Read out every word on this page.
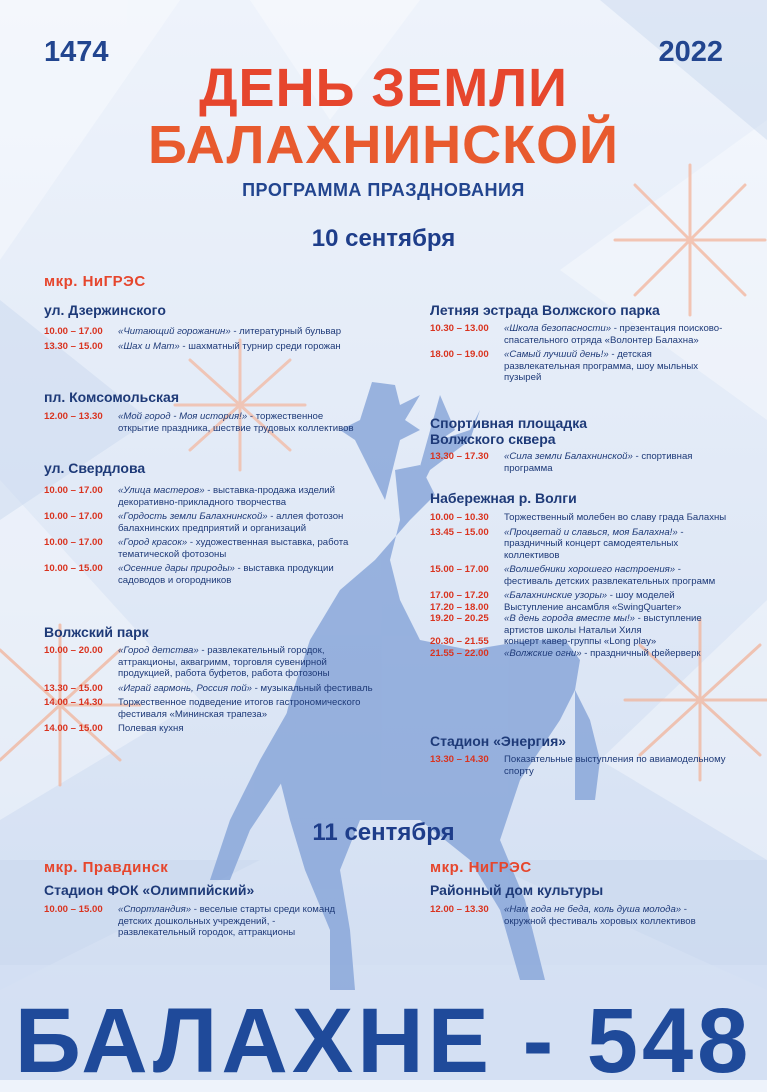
1474	2022
ДЕНЬ ЗЕМЛИ
БАЛАХНИНСКОЙ
ПРОГРАММА ПРАЗДНОВАНИЯ
10 сентября
мкр. НиГРЭС
ул. Дзержинского
10.00 – 17.00	«Читающий горожанин» - литературный бульвар
13.30 – 15.00	«Шах и Мат» - шахматный турнир среди горожан
пл. Комсомольская
12.00 – 13.30	«Мой город - Моя история!» - торжественное открытие праздника, шествие трудовых коллективов
ул. Свердлова
10.00 – 17.00	«Улица мастеров» - выставка-продажа изделий декоративно-прикладного творчества
10.00 – 17.00	«Гордость земли Балахнинской» - аллея фотозон балахнинских предприятий и организаций
10.00 – 17.00	«Город красок» - художественная выставка, работа тематической фотозоны
10.00 – 15.00	«Осенние дары природы» - выставка продукции садоводов и огородников
Волжский парк
10.00 – 20.00	«Город детства» - развлекательный городок, аттракционы, аквагримм, торговля сувенирной продукцией, работа буфетов, работа фотозоны
13.30 – 15.00	«Играй гармонь, Россия пой» - музыкальный фестиваль
14.00 – 14.30	Торжественное подведение итогов гастрономического фестиваля «Мининская трапеза»
14.00 – 15.00	Полевая кухня
Летняя эстрада Волжского парка
10.30 – 13.00	«Школа безопасности» - презентация поисково-спасательного отряда «Волонтер Балахна»
18.00 – 19.00	«Самый лучший день!» - детская развлекательная программа, шоу мыльных пузырей
Спортивная площадка Волжского сквера
13.30 – 17.30	«Сила земли Балахнинской» - спортивная программа
Набережная р. Волги
10.00 – 10.30	Торжественный молебен во славу града Балахны
13.45 – 15.00	«Процветай и славься, моя Балахна!» - праздничный концерт самодеятельных коллективов
15.00 – 17.00	«Волшебники хорошего настроения» - фестиваль детских развлекательных программ
17.00 – 17.20	«Балахнинские узоры» - шоу моделей
17.20 – 18.00	Выступление ансамбля «SwingQuarter»
19.20 – 20.25	«В день города вместе мы!» - выступление артистов школы Натальи Хиля
20.30 – 21.55	концерт кавер-группы «Long play»
21.55 – 22.00	«Волжские огни» - праздничный фейерверк
Стадион «Энергия»
13.30 – 14.30	Показательные выступления по авиамодельному спорту
11 сентября
мкр. Правдинск
Стадион ФОК «Олимпийский»
10.00 – 15.00	«Спортландия» - веселые старты среди команд детских дошкольных учреждений, - развлекательный городок, аттракционы
мкр. НиГРЭС
Районный дом культуры
12.00 – 13.30	«Нам года не беда, коль душа молода» - окружной фестиваль хоровых коллективов
БАЛАХНЕ - 548
